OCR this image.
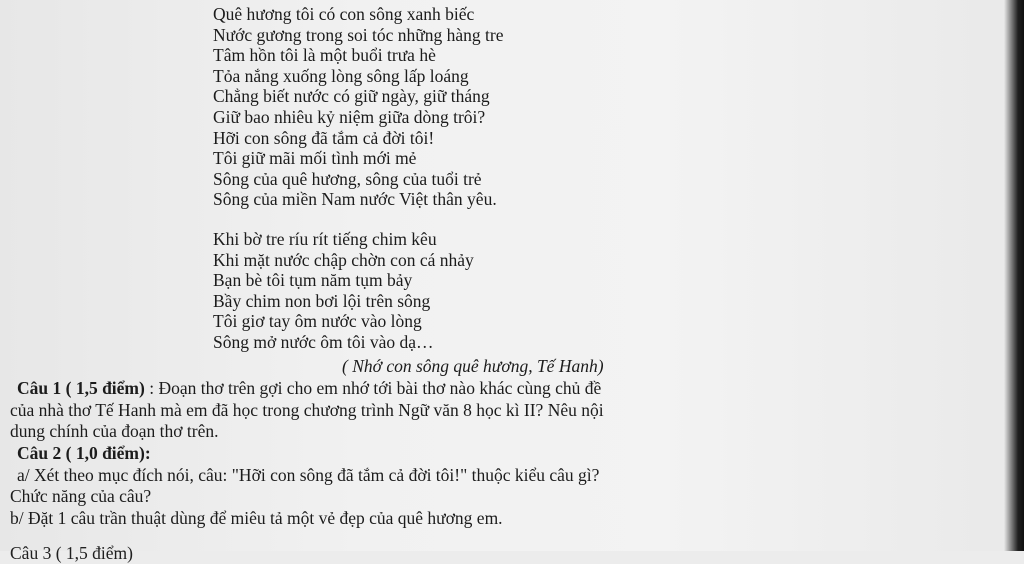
Quê hương tôi có con sông xanh biếc
Nước gương trong soi tóc những hàng tre
Tâm hồn tôi là một buổi trưa hè
Tỏa nắng xuống lòng sông lấp loáng
Chẳng biết nước có giữ ngày, giữ tháng
Giữ bao nhiêu kỷ niệm giữa dòng trôi?
Hỡi con sông đã tắm cả đời tôi!
Tôi giữ mãi mối tình mới mẻ
Sông của quê hương, sông của tuổi trẻ
Sông của miền Nam nước Việt thân yêu.
Khi bờ tre ríu rít tiếng chim kêu
Khi mặt nước chập chờn con cá nhảy
Bạn bè tôi tụm năm tụm bảy
Bầy chim non bơi lội trên sông
Tôi giơ tay ôm nước vào lòng
Sông mở nước ôm tôi vào dạ…
( Nhớ con sông quê hương, Tế Hanh)
Câu 1 ( 1,5 điểm) : Đoạn thơ trên gợi cho em nhớ tới bài thơ nào khác cùng chủ đề
của nhà thơ Tế Hanh mà em đã học trong chương trình Ngữ văn 8 học kì II? Nêu nội
dung chính của đoạn thơ trên.
Câu 2 ( 1,0 điểm):
a/ Xét theo mục đích nói, câu: "Hỡi con sông đã tắm cả đời tôi!" thuộc kiểu câu gì?
Chức năng của câu?
b/ Đặt 1 câu trần thuật dùng để miêu tả một vẻ đẹp của quê hương em.
Câu 3 ( 1,5 điểm)
